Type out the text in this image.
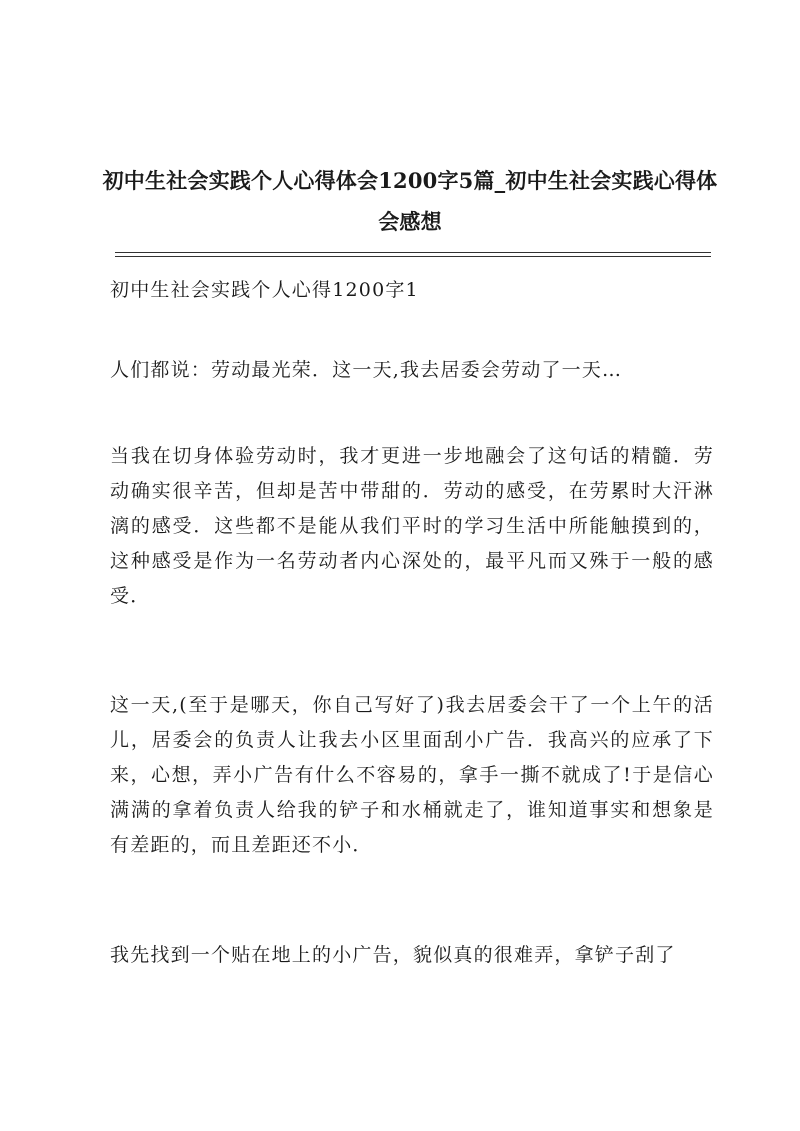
初中生社会实践个人心得体会1200字5篇_初中生社会实践心得体会感想

初中生社会实践个人心得1200字1

人们都说：劳动最光荣．这一天,我去居委会劳动了一天…

当我在切身体验劳动时，我才更进一步地融会了这句话的精髓．劳动确实很辛苦，但却是苦中带甜的．劳动的感受，在劳累时大汗淋漓的感受．这些都不是能从我们平时的学习生活中所能触摸到的，这种感受是作为一名劳动者内心深处的，最平凡而又殊于一般的感受．

这一天,(至于是哪天，你自己写好了)我去居委会干了一个上午的活儿，居委会的负责人让我去小区里面刮小广告．我高兴的应承了下来，心想，弄小广告有什么不容易的，拿手一撕不就成了!于是信心满满的拿着负责人给我的铲子和水桶就走了，谁知道事实和想象是有差距的，而且差距还不小．

我先找到一个贴在地上的小广告，貌似真的很难弄，拿铲子刮了
